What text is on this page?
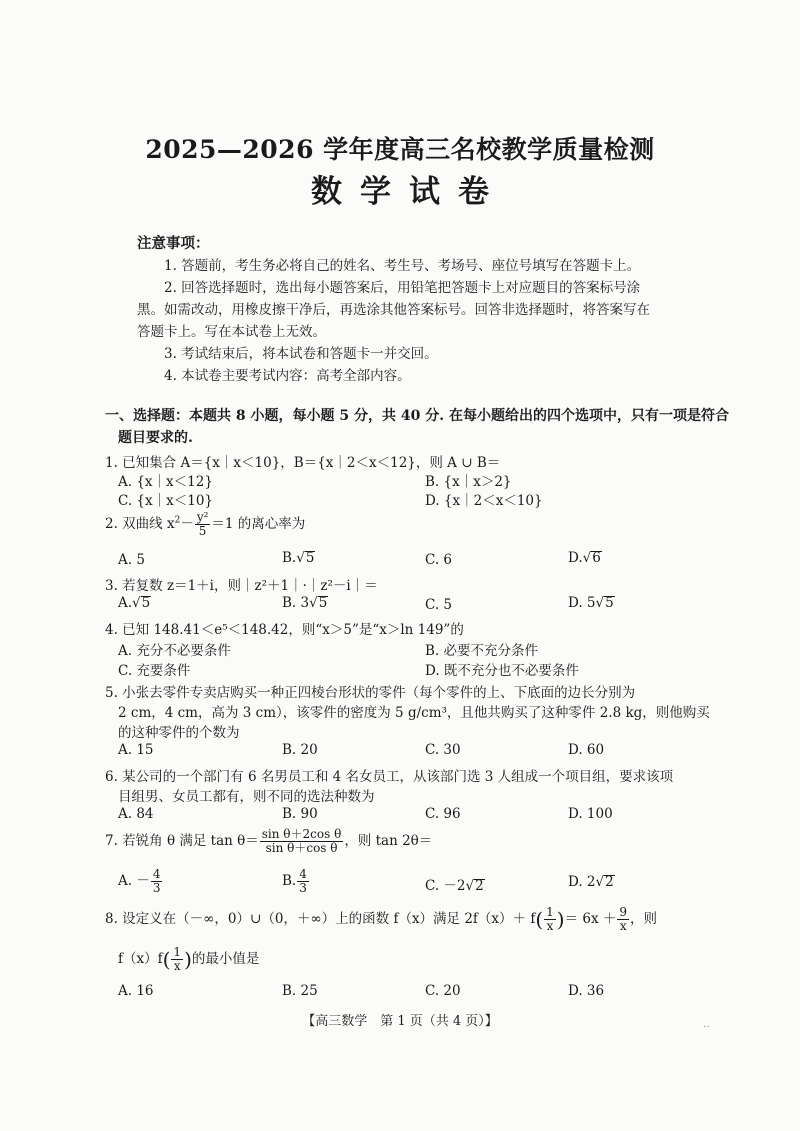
2025—2026 学年度高三名校教学质量检测
数学试卷
注意事项：
1. 答题前，考生务必将自己的姓名、考生号、考场号、座位号填写在答题卡上。
2. 回答选择题时，选出每小题答案后，用铅笔把答题卡上对应题目的答案标号涂
黑。如需改动，用橡皮擦干净后，再选涂其他答案标号。回答非选择题时，将答案写在
答题卡上。写在本试卷上无效。
3. 考试结束后，将本试卷和答题卡一并交回。
4. 本试卷主要考试内容：高考全部内容。
一、选择题：本题共 8 小题，每小题 5 分，共 40 分. 在每小题给出的四个选项中，只有一项是符合
题目要求的.
1. 已知集合 A＝{x｜x＜10}，B＝{x｜2＜x＜12}，则 A ∪ B＝
A. {x｜x＜12}	B. {x｜x＞2}
C. {x｜x＜10}	D. {x｜2＜x＜10}
2. 双曲线 $x^2- \frac{\text{y²}}{5} =1$ 的离心率为
A. 5	B.√5	C. 6	D.√6
3. 若复数 z＝1＋i，则｜z²＋1｜·｜z²－i｜＝
A.√5	B. 3√5	C. 5	D. 5√5
4. 已知 148.41＜e⁵＜148.42，则“x＞5”是“x＞ln 149”的
A. 充分不必要条件	B. 必要不充分条件
C. 充要条件	D. 既不充分也不必要条件
5. 小张去零件专卖店购买一种正四棱台形状的零件（每个零件的上、下底面的边长分别为
2 cm，4 cm，高为 3 cm），该零件的密度为 5 g/cm³，且他共购买了这种零件 2.8 kg，则他购买
的这种零件的个数为
A. 15	B. 20	C. 30	D. 60
6. 某公司的一个部门有 6 名男员工和 4 名女员工，从该部门选 3 人组成一个项目组，要求该项
目组男、女员工都有，则不同的选法种数为
A. 84	B. 90	C. 96	D. 100
7. 若锐角 θ 满足 $\tan \theta= \frac{\text{sin θ＋2cos θ}}{\text{sin θ＋cos θ}}$ ，则 tan 2θ＝
A. － $\frac{4}{3}$	B. $\frac{4}{3}$	C. －2√2	D. 2√2
8. 设定义在（－∞，0）∪（0，＋∞）上的函数 f（x）满足 $2f(x)+ f( \frac{1}{x}$ )＝ $6x + \frac{9}{x}$ ，则
$f(x)f( \frac{1}{x}$ )的最小值是
A. 16	B. 25	C. 20	D. 36
【高三数学　第 1 页（共 4 页）】	..
